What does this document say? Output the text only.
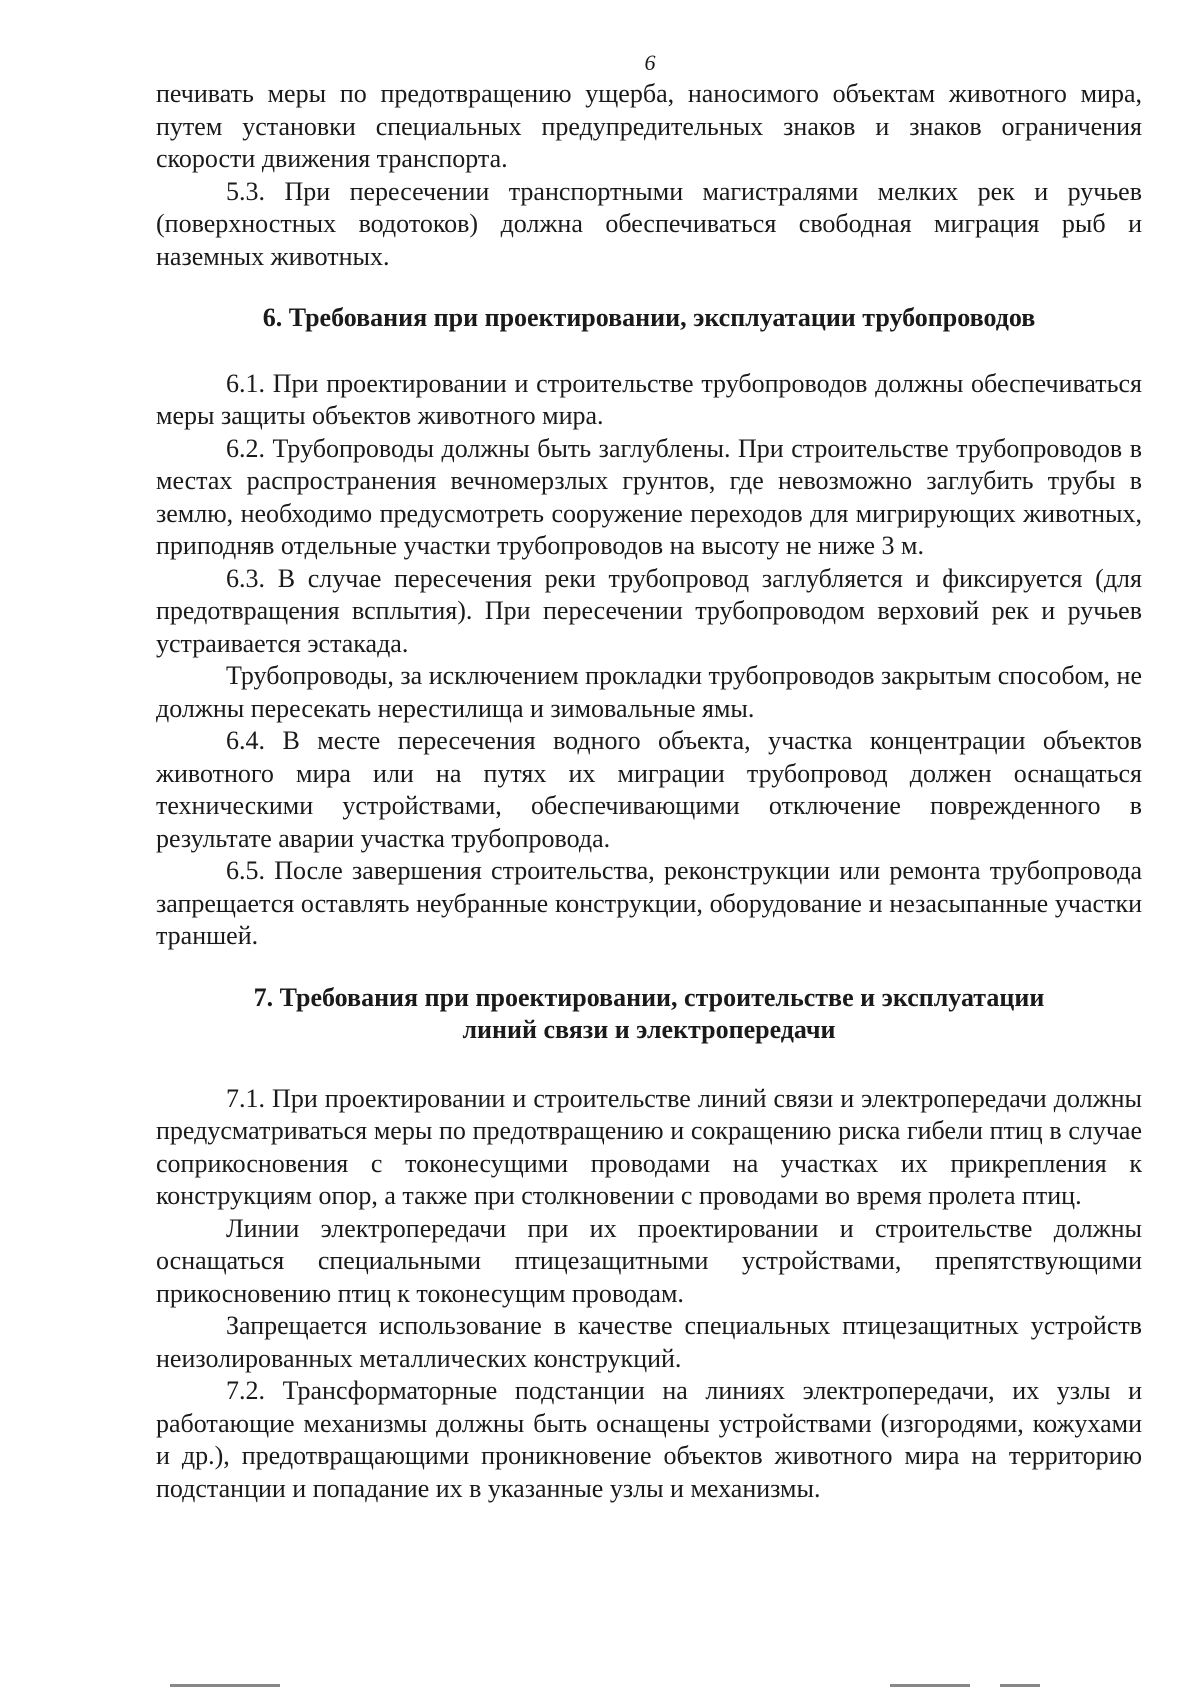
6

печивать меры по предотвращению ущерба, наносимого объектам животного мира, путем установки специальных предупредительных знаков и знаков ограничения скорости движения транспорта.

5.3. При пересечении транспортными магистралями мелких рек и ручьев (поверхностных водотоков) должна обеспечиваться свободная миграция рыб и наземных животных.

6. Требования при проектировании, эксплуатации трубопроводов

6.1. При проектировании и строительстве трубопроводов должны обеспечиваться меры защиты объектов животного мира.

6.2. Трубопроводы должны быть заглублены. При строительстве трубопроводов в местах распространения вечномерзлых грунтов, где невозможно заглубить трубы в землю, необходимо предусмотреть сооружение переходов для мигрирующих животных, приподняв отдельные участки трубопроводов на высоту не ниже 3 м.

6.3. В случае пересечения реки трубопровод заглубляется и фиксируется (для предотвращения всплытия). При пересечении трубопроводом верховий рек и ручьев устраивается эстакада.

Трубопроводы, за исключением прокладки трубопроводов закрытым способом, не должны пересекать нерестилища и зимовальные ямы.

6.4. В месте пересечения водного объекта, участка концентрации объектов животного мира или на путях их миграции трубопровод должен оснащаться техническими устройствами, обеспечивающими отключение поврежденного в результате аварии участка трубопровода.

6.5. После завершения строительства, реконструкции или ремонта трубопровода запрещается оставлять неубранные конструкции, оборудование и незасыпанные участки траншей.

7. Требования при проектировании, строительстве и эксплуатации
линий связи и электропередачи

7.1. При проектировании и строительстве линий связи и электропередачи должны предусматриваться меры по предотвращению и сокращению риска гибели птиц в случае соприкосновения с токонесущими проводами на участках их прикрепления к конструкциям опор, а также при столкновении с проводами во время пролета птиц.

Линии электропередачи при их проектировании и строительстве должны оснащаться специальными птицезащитными устройствами, препятствующими прикосновению птиц к токонесущим проводам.

Запрещается использование в качестве специальных птицезащитных устройств неизолированных металлических конструкций.

7.2. Трансформаторные подстанции на линиях электропередачи, их узлы и работающие механизмы должны быть оснащены устройствами (изгородями, кожухами и др.), предотвращающими проникновение объектов животного мира на территорию подстанции и попадание их в указанные узлы и механизмы.
